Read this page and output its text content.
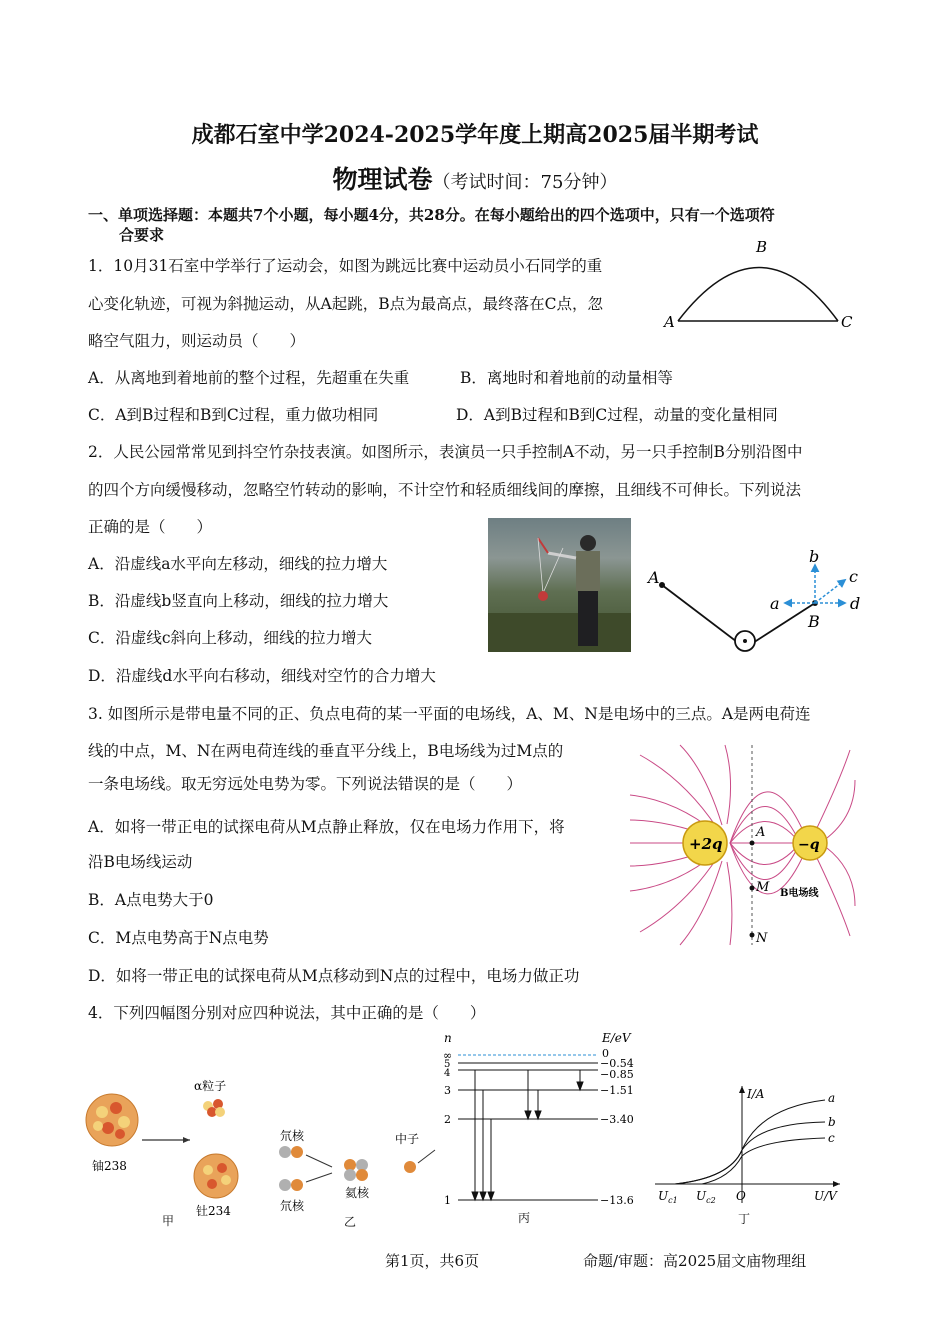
成都石室中学2024-2025学年度上期高2025届半期考试
物理试卷（考试时间：75分钟）
一、单项选择题：本题共7个小题，每小题4分，共28分。在每小题给出的四个选项中，只有一个选项符
合要求
1．10月31石室中学举行了运动会，如图为跳远比赛中运动员小石同学的重
心变化轨迹，可视为斜抛运动，从A起跳，B点为最高点，最终落在C点，忽
略空气阻力，则运动员（　　）
A．从离地到着地前的整个过程，先超重在失重	B．离地时和着地前的动量相等
C．A到B过程和B到C过程，重力做功相同	D．A到B过程和B到C过程，动量的变化量相同
B
A	C
2．人民公园常常见到抖空竹杂技表演。如图所示，表演员一只手控制A不动，另一只手控制B分别沿图中
的四个方向缓慢移动，忽略空竹转动的影响，不计空竹和轻质细线间的摩擦，且细线不可伸长。下列说法
正确的是（　　）
A．沿虚线a水平向左移动，细线的拉力增大
B．沿虚线b竖直向上移动，细线的拉力增大
C．沿虚线c斜向上移动，细线的拉力增大
D．沿虚线d水平向右移动，细线对空竹的合力增大
A
B
b
c
a	d
3. 如图所示是带电量不同的正、负点电荷的某一平面的电场线，A、M、N是电场中的三点。A是两电荷连
线的中点，M、N在两电荷连线的垂直平分线上，B电场线为过M点的
一条电场线。取无穷远处电势为零。下列说法错误的是（　　）
A．如将一带正电的试探电荷从M点静止释放，仅在电场力作用下，将
沿B电场线运动
B．A点电势大于0
C．M点电势高于N点电势
D．如将一带正电的试探电荷从M点移动到N点的过程中，电场力做正功
+2q	−q
A
M
N
B电场线
4．下列四幅图分别对应四种说法，其中正确的是（　　）
α粒子
铀238
钍234
甲
氘核
氘核
氦核
中子
乙
n	E/eV
∞
5
4
3
2
1
0
−0.54
−0.85
−1.51
−3.40
−13.6
丙
I/A
U/V
O
a
b
c
$U_{c1}$ $U_{c2}$
丁
第1页，共6页	命题/审题：高2025届文庙物理组
